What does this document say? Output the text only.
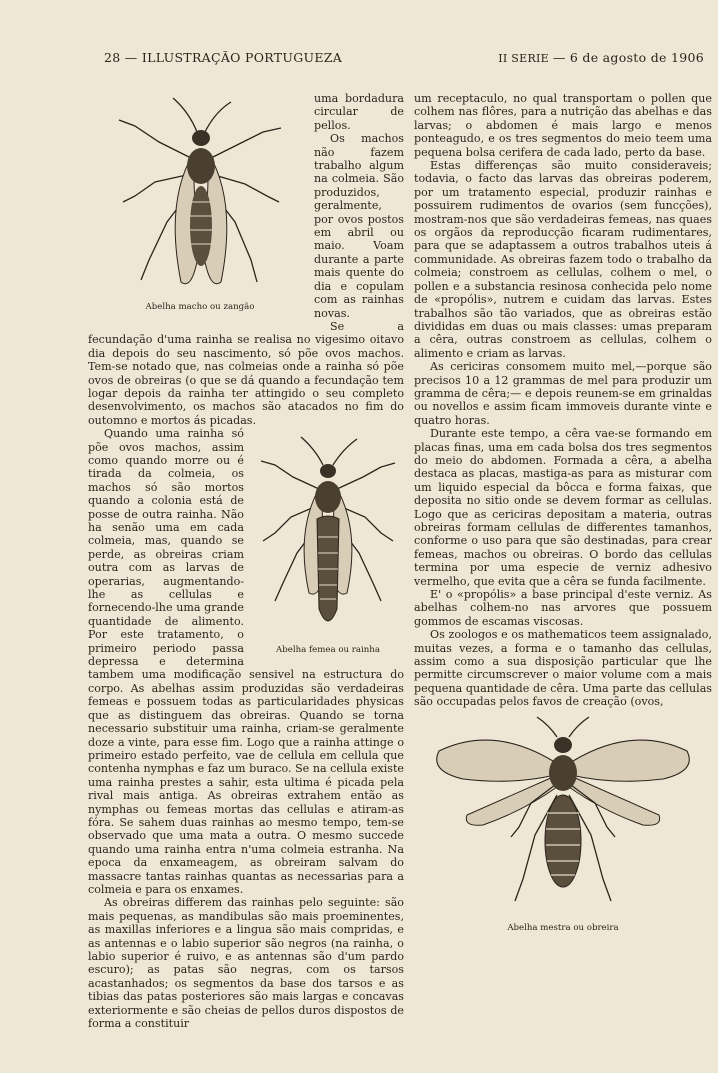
28 — ILLUSTRAÇÃO PORTUGUEZA	II SERIE — 6 de agosto de 1906
Abelha macho ou zangão

uma bordadura circular de pellos.

Os machos não fazem trabalho algum na colmeia. São produzidos, geralmente, por ovos postos em abril ou maio. Voam durante a parte mais quente do dia e copulam com as rainhas novas.

Se a fecundação d'uma rainha se realisa no vigesimo oitavo dia depois do seu nascimento, só põe ovos machos. Tem-se notado que, nas colmeias onde a rainha só põe ovos de obreiras (o que se dá quando a fecundação tem logar depois da rainha ter attingido o seu completo desenvolvimento, os machos são atacados no fim do outomno e mortos ás picadas.

Abelha femea ou rainha

Quando uma rainha só põe ovos machos, assim como quando morre ou é tirada da colmeia, os machos só são mortos quando a colonia está de posse de outra rainha. Não ha senão uma em cada colmeia, mas, quando se perde, as obreiras criam outra com as larvas de operarias, augmentando-lhe as cellulas e fornecendo-lhe uma grande quantidade de alimento. Por este tratamento, o primeiro periodo passa depressa e determina tambem uma modificação sensivel na estructura do corpo. As abelhas assim produzidas são verdadeiras femeas e possuem todas as particularidades physicas que as distinguem das obreiras. Quando se torna necessario substituir uma rainha, criam-se geralmente doze a vinte, para esse fim. Logo que a rainha attinge o primeiro estado perfeito, vae de cellula em cellula que contenha nymphas e faz um buraco. Se na cellula existe uma rainha prestes a sahir, esta ultima é picada pela rival mais antiga. As obreiras extrahem então as nymphas ou femeas mortas das cellulas e atiram-as fóra. Se sahem duas rainhas ao mesmo tempo, tem-se observado que uma mata a outra. O mesmo succede quando uma rainha entra n'uma colmeia estranha. Na epoca da enxameagem, as obreiram salvam do massacre tantas rainhas quantas as necessarias para a colmeia e para os enxames.

As obreiras differem das rainhas pelo seguinte: são mais pequenas, as mandibulas são mais proeminentes, as maxillas inferiores e a lingua são mais compridas, e as antennas e o labio superior são negros (na rainha, o labio superior é ruivo, e as antennas são d'um pardo escuro); as patas são negras, com os tarsos acastanhados; os segmentos da base dos tarsos e as tibias das patas posteriores são mais largas e concavas exteriormente e são cheias de pellos duros dispostos de forma a constituir

um receptaculo, no qual transportam o pollen que colhem nas flôres, para a nutrição das abelhas e das larvas; o abdomen é mais largo e menos ponteagudo, e os tres segmentos do meio teem uma pequena bolsa cerifera de cada lado, perto da base.

Estas differenças são muito consideraveis; todavia, o facto das larvas das obreiras poderem, por um tratamento especial, produzir rainhas e possuirem rudimentos de ovarios (sem funcções), mostram-nos que são verdadeiras femeas, nas quaes os orgãos da reproducção ficaram rudimentares, para que se adaptassem a outros trabalhos uteis á communidade. As obreiras fazem todo o trabalho da colmeia; constroem as cellulas, colhem o mel, o pollen e a substancia resinosa conhecida pelo nome de «propólis», nutrem e cuidam das larvas. Estes trabalhos são tão variados, que as obreiras estão divididas em duas ou mais classes: umas preparam a cêra, outras constroem as cellulas, colhem o alimento e criam as larvas.

As cericiras consomem muito mel,—porque são precisos 10 a 12 grammas de mel para produzir um gramma de cêra;— e depois reunem-se em grinaldas ou novellos e assim ficam immoveis durante vinte e quatro horas.

Durante este tempo, a cêra vae-se formando em placas finas, uma em cada bolsa dos tres segmentos do meio do abdomen. Formada a cêra, a abelha destaca as placas, mastiga-as para as misturar com um liquido especial da bôcca e forma faixas, que deposita no sitio onde se devem formar as cellulas. Logo que as cericiras depositam a materia, outras obreiras formam cellulas de differentes tamanhos, conforme o uso para que são destinadas, para crear femeas, machos ou obreiras. O bordo das cellulas termina por uma especie de verniz adhesivo vermelho, que evita que a cêra se funda facilmente.

E' o «propólis» a base principal d'este verniz. As abelhas colhem-no nas arvores que possuem gommos de escamas viscosas.

Os zoologos e os mathematicos teem assignalado, muitas vezes, a forma e o tamanho das cellulas, assim como a sua disposição particular que lhe permitte circumscrever o maior volume com a mais pequena quantidade de cêra. Uma parte das cellulas são occupadas pelos favos de creação (ovos,

Abelha mestra ou obreira
